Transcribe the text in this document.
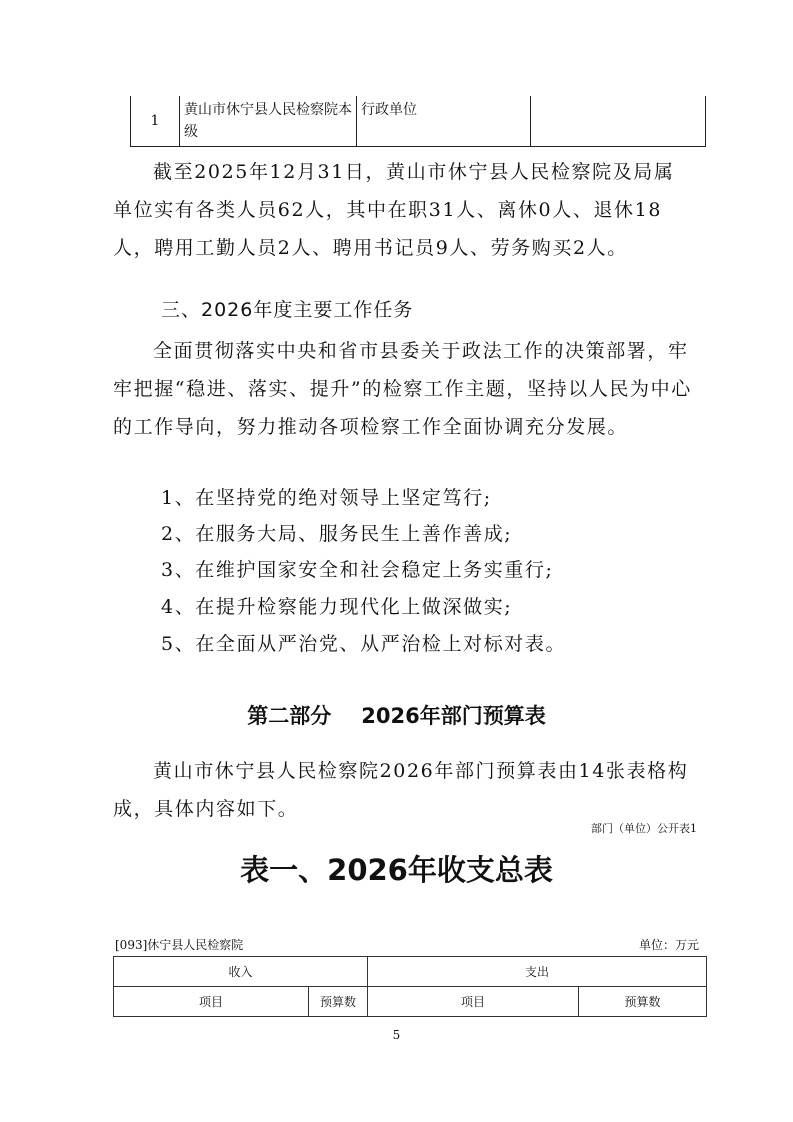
1	黄山市休宁县人民检察院本级	行政单位	

截至2025年12月31日，黄山市休宁县人民检察院及局属单位实有各类人员62人，其中在职31人、离休0人、退休18人，聘用工勤人员2人、聘用书记员9人、劳务购买2人。

三、2026年度主要工作任务

全面贯彻落实中央和省市县委关于政法工作的决策部署，牢牢把握“稳进、落实、提升”的检察工作主题，坚持以人民为中心的工作导向，努力推动各项检察工作全面协调充分发展。

1、在坚持党的绝对领导上坚定笃行;

2、在服务大局、服务民生上善作善成;

3、在维护国家安全和社会稳定上务实重行;

4、在提升检察能力现代化上做深做实;

5、在全面从严治党、从严治检上对标对表。

第二部分 2026年部门预算表

黄山市休宁县人民检察院2026年部门预算表由14张表格构成，具体内容如下。

部门（单位）公开表1
表一、2026年收支总表
[093]休宁县人民检察院	单位：万元
收入		支出	
项目	预算数	项目	预算数
5
